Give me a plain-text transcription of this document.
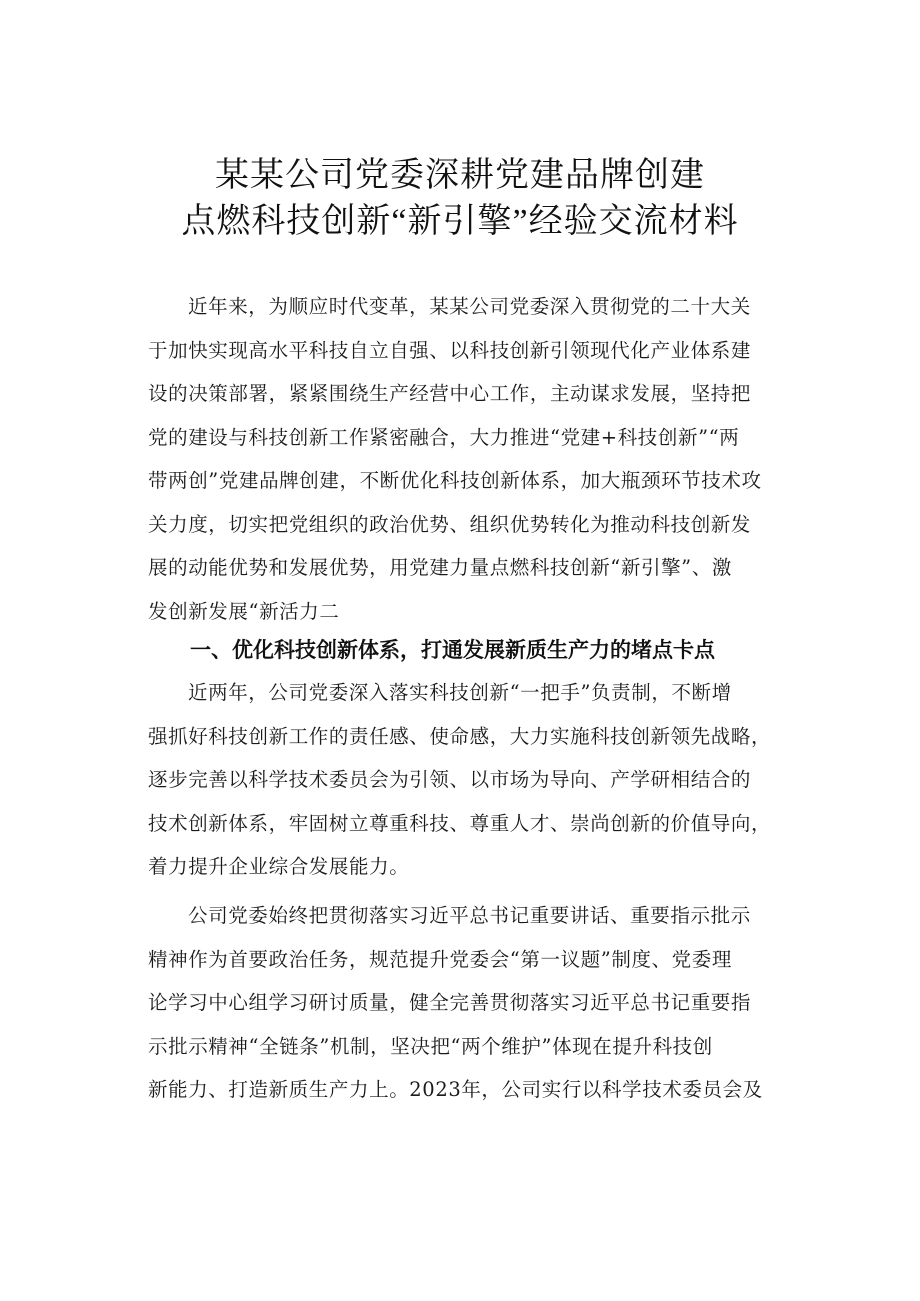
某某公司党委深耕党建品牌创建
点燃科技创新“新引擎”经验交流材料
近年来，为顺应时代变革，某某公司党委深入贯彻党的二十大关
于加快实现高水平科技自立自强、以科技创新引领现代化产业体系建
设的决策部署，紧紧围绕生产经营中心工作，主动谋求发展，坚持把
党的建设与科技创新工作紧密融合，大力推进“党建+科技创新”“两
带两创”党建品牌创建，不断优化科技创新体系，加大瓶颈环节技术攻
关力度，切实把党组织的政治优势、组织优势转化为推动科技创新发
展的动能优势和发展优势，用党建力量点燃科技创新“新引擎”、激
发创新发展“新活力二
一、优化科技创新体系，打通发展新质生产力的堵点卡点
近两年，公司党委深入落实科技创新“一把手”负责制，不断增
强抓好科技创新工作的责任感、使命感，大力实施科技创新领先战略，
逐步完善以科学技术委员会为引领、以市场为导向、产学研相结合的
技术创新体系，牢固树立尊重科技、尊重人才、崇尚创新的价值导向，
着力提升企业综合发展能力。
公司党委始终把贯彻落实习近平总书记重要讲话、重要指示批示
精神作为首要政治任务，规范提升党委会“第一议题”制度、党委理
论学习中心组学习研讨质量，健全完善贯彻落实习近平总书记重要指
示批示精神“全链条”机制，坚决把“两个维护”体现在提升科技创
新能力、打造新质生产力上。2023年，公司实行以科学技术委员会及
